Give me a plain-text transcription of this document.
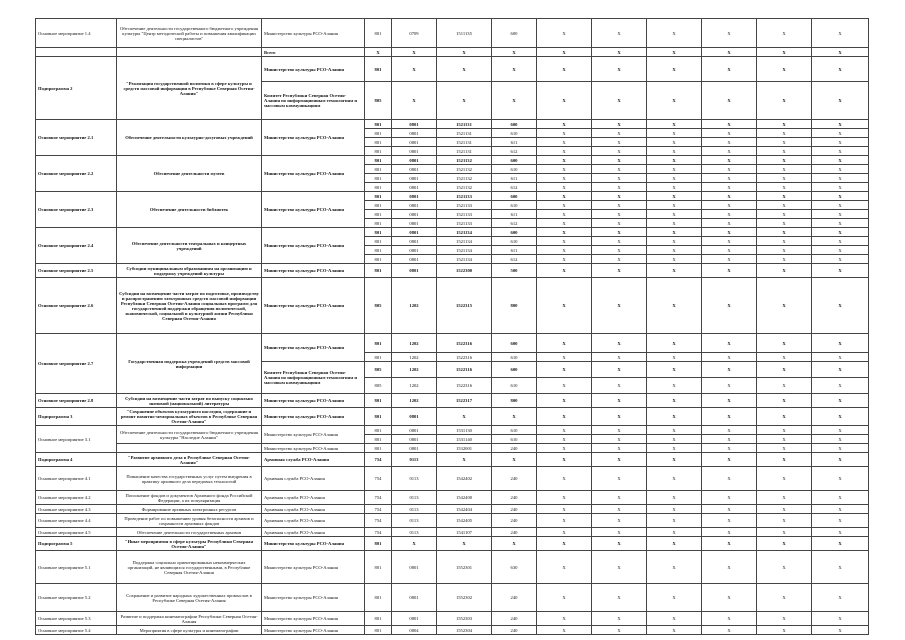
Основное мероприятие 1.4	Обеспечение деятельности государственного бюджетного учреждения культуры "Центр методической работы и повышения квалификации специалистов"	Министерство культуры РСО-Алания	801	0709	1511135	600	X	X	X	X	X	X
		Всего	X	X	X	X	X	X	X	X	X	X
Подпрограмма 2	"Реализация государственной политики в сфере культуры и средств массовой информации в Республике Северная Осетия-Алания"	Министерство культуры РСО-Алания	801	X	X	X	X	X	X	X	X	X
		Комитет Республики Северная Осетия-Алания по информационным технологиям и массовым коммуникациям	805	X	X	X	X	X	X	X	X	X
Основное мероприятие 2.1	Обеспечение деятельности культурно-досуговых учреждений	Министерство культуры РСО-Алания	801	0801	1521131	600	X	X	X	X	X	X
			801	0801	1521131	610	X	X	X	X	X	X
			801	0801	1521131	611	X	X	X	X	X	X
			801	0801	1521131	612	X	X	X	X	X	X
Основное мероприятие 2.2	Обеспечение деятельности музеев	Министерство культуры РСО-Алания	801	0801	1521132	600	X	X	X	X	X	X
			801	0801	1521132	610	X	X	X	X	X	X
			801	0801	1521132	611	X	X	X	X	X	X
			801	0801	1521132	612	X	X	X	X	X	X
Основное мероприятие 2.3	Обеспечение деятельности библиотек	Министерство культуры РСО-Алания	801	0801	1521133	600	X	X	X	X	X	X
			801	0801	1521133	610	X	X	X	X	X	X
			801	0801	1521133	611	X	X	X	X	X	X
			801	0801	1521133	612	X	X	X	X	X	X
Основное мероприятие 2.4	Обеспечение деятельности театральных и концертных учреждений	Министерство культуры РСО-Алания	801	0801	1521134	600	X	X	X	X	X	X
			801	0801	1521134	610	X	X	X	X	X	X
			801	0801	1521134	611	X	X	X	X	X	X
			801	0801	1521134	612	X	X	X	X	X	X
Основное мероприятие 2.5	Субсидии муниципальным образованиям на организацию и поддержку учреждений культуры	Министерство культуры РСО-Алания	801	0801	1522300	500	X	X	X	X	X	X
Основное мероприятие 2.6	Субсидии на возмещение части затрат по подготовке, производству и распространению электронных средств массовой информации Республики Северная Осетия-Алания социальных программ для государственной поддержки обращения политической, экономической, социальной и культурной жизни Республики Северная Осетия-Алания	Министерство культуры РСО-Алания	805	1202	1522315	800	X	X	X	X	X	X
Основное мероприятие 2.7	Государственная поддержка учреждений средств массовой информации	Министерство культуры РСО-Алания	801	1202	1522316	600	X	X	X	X	X	X
			801	1202	1522316	610	X	X	X	X	X	X
		Комитет Республики Северная Осетия-Алания по информационным технологиям и массовым коммуникациям	805	1202	1522316	600	X	X	X	X	X	X
			805	1202	1522316	610	X	X	X	X	X	X
Основное мероприятие 2.8	Субсидии на возмещение части затрат по выпуску социально значимой (национальной) литературы	Министерство культуры РСО-Алания	801	1202	1522317	800	X	X	X	X	X	X
Подпрограмма 3	"Сохранение объектов культурного наследия, содержание и ремонт памятно-мемориальных объектов в Республике Северная Осетия-Алания"	Министерство культуры РСО-Алания	801	0801	X	X	X	X	X	X	X	X
Основное мероприятие 3.1	Обеспечение деятельности государственного бюджетного учреждения культуры "Наследие Алании"	Министерство культуры РСО-Алания	801	0801	1531130	610	X	X	X	X	X	X
			801	0801	1531140	610	X	X	X	X	X	X
		Министерство культуры РСО-Алания	801	0801	1532001	240	X	X	X	X	X	X
Подпрограмма 4	"Развитие архивного дела в Республике Северная Осетия-Алания"	Архивная служба РСО-Алания	754	0113	X	X	X	X	X	X	X	X
Основное мероприятие 4.1	Повышение качества государственных услуг путем внедрения в практику архивного дела передовых технологий	Архивная служба РСО-Алания	754	0113	1542402	240	X	X	X	X	X	X
Основное мероприятие 4.2	Пополнение фондов и документов Архивного фонда Российской Федерации, а их популяризация	Архивная служба РСО-Алания	754	0113	1542400	240	X	X	X	X	X	X
Основное мероприятие 4.3	Формирование архивных электронных ресурсов	Архивная служба РСО-Алания	754	0113	1542404	240	X	X	X	X	X	X
Основное мероприятие 4.4	Проведение работ по повышению уровня безопасности архивов и сохранности архивных фондов	Архивная служба РСО-Алания	754	0113	1542405	240	X	X	X	X	X	X
Основное мероприятие 4.5	Обеспечение деятельности государственных архивов	Архивная служба РСО-Алания	754	0113	1541107	240	X	X	X	X	X	X
Подпрограмма 5	"Иные мероприятия в сфере культуры Республики Северная Осетия-Алания"	Министерство культуры РСО-Алания	801	X	X	X	X	X	X	X	X	X
Основное мероприятие 5.1	Поддержка социально ориентированных некоммерческих организаций, не являющихся государственными, в Республике Северная Осетия-Алания	Министерство культуры РСО-Алания	801	0801	1552301	630	X	X	X	X	X	X
Основное мероприятие 5.2	Сохранение и развитие народных художественных промыслов в Республике Северная Осетия-Алания	Министерство культуры РСО-Алания	801	0801	1552302	240	X	X	X	X	X	X
Основное мероприятие 5.3	Развитие и поддержка кинематографии Республики Северная Осетия-Алания	Министерство культуры РСО-Алания	801	0801	1552303	240	X	X	X	X	X	X
Основное мероприятие 5.4	Мероприятия в сфере культуры и кинематографии	Министерство культуры РСО-Алания	801	0804	1552304	240	X	X	X	X	X	X
